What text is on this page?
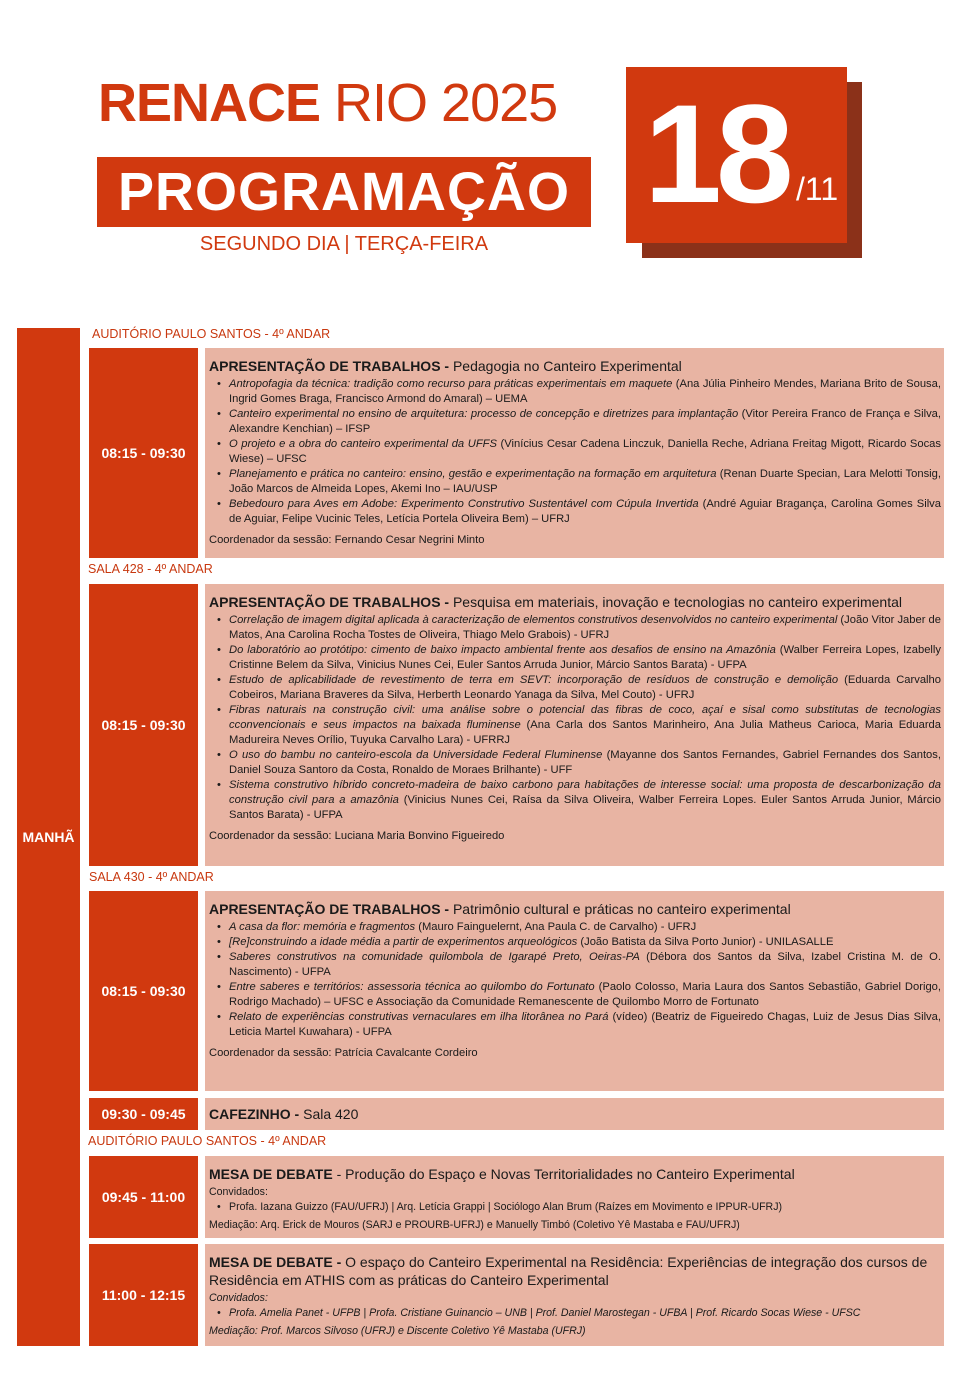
RENACE RIO 2025
PROGRAMAÇÃO
SEGUNDO DIA | TERÇA-FEIRA
18 /11
MANHÃ
AUDITÓRIO PAULO SANTOS - 4º ANDAR
SALA 428 - 4º ANDAR
SALA 430 - 4º ANDAR
AUDITÓRIO PAULO SANTOS - 4º ANDAR
08:15 - 09:30
APRESENTAÇÃO DE TRABALHOS - Pedagogia no Canteiro Experimental
• Antropofagia da técnica: tradição como recurso para práticas experimentais em maquete (Ana Júlia Pinheiro Mendes, Mariana Brito de Sousa, Ingrid Gomes Braga, Francisco Armond do Amaral) – UEMA
• Canteiro experimental no ensino de arquitetura: processo de concepção e diretrizes para implantação (Vitor Pereira Franco de França e Silva, Alexandre Kenchian) – IFSP
• O projeto e a obra do canteiro experimental da UFFS (Vinícius Cesar Cadena Linczuk, Daniella Reche, Adriana Freitag Migott, Ricardo Socas Wiese) – UFSC
• Planejamento e prática no canteiro: ensino, gestão e experimentação na formação em arquitetura (Renan Duarte Specian, Lara Melotti Tonsig, João Marcos de Almeida Lopes, Akemi Ino – IAU/USP
• Bebedouro para Aves em Adobe: Experimento Construtivo Sustentável com Cúpula Invertida (André Aguiar Bragança, Carolina Gomes Silva de Aguiar, Felipe Vucinic Teles, Letícia Portela Oliveira Bem) – UFRJ
Coordenador da sessão: Fernando Cesar Negrini Minto
08:15 - 09:30
APRESENTAÇÃO DE TRABALHOS - Pesquisa em materiais, inovação e tecnologias no canteiro experimental
• Correlação de imagem digital aplicada à caracterização de elementos construtivos desenvolvidos no canteiro experimental (João Vitor Jaber de Matos, Ana Carolina Rocha Tostes de Oliveira, Thiago Melo Grabois) - UFRJ
• Do laboratório ao protótipo: cimento de baixo impacto ambiental frente aos desafios de ensino na Amazônia (Walber Ferreira Lopes, Izabelly Cristinne Belem da Silva, Vinicius Nunes Cei, Euler Santos Arruda Junior, Márcio Santos Barata) - UFPA
• Estudo de aplicabilidade de revestimento de terra em SEVT: incorporação de resíduos de construção e demolição (Eduarda Carvalho Cobeiros, Mariana Braveres da Silva, Herberth Leonardo Yanaga da Silva, Mel Couto) - UFRJ
• Fibras naturais na construção civil: uma análise sobre o potencial das fibras de coco, açaí e sisal como substitutas de tecnologias cconvencionais e seus impactos na baixada fluminense (Ana Carla dos Santos Marinheiro, Ana Julia Matheus Carioca, Maria Eduarda Madureira Neves Orílio, Tuyuka Carvalho Lara) - UFRRJ
• O uso do bambu no canteiro-escola da Universidade Federal Fluminense (Mayanne dos Santos Fernandes, Gabriel Fernandes dos Santos, Daniel Souza Santoro da Costa, Ronaldo de Moraes Brilhante) - UFF
• Sistema construtivo híbrido concreto-madeira de baixo carbono para habitações de interesse social: uma proposta de descarbonização da construção civil para a amazônia (Vinicius Nunes Cei, Raísa da Silva Oliveira, Walber Ferreira Lopes. Euler Santos Arruda Junior, Márcio Santos Barata) - UFPA
Coordenador da sessão: Luciana Maria Bonvino Figueiredo
08:15 - 09:30
APRESENTAÇÃO DE TRABALHOS - Patrimônio cultural e práticas no canteiro experimental
• A casa da flor: memória e fragmentos (Mauro Fainguelernt, Ana Paula C. de Carvalho) - UFRJ
• [Re]construindo a idade média a partir de experimentos arqueológicos (João Batista da Silva Porto Junior) - UNILASALLE
• Saberes construtivos na comunidade quilombola de Igarapé Preto, Oeiras-PA (Débora dos Santos da Silva, Izabel Cristina M. de O. Nascimento) - UFPA
• Entre saberes e territórios: assessoria técnica ao quilombo do Fortunato (Paolo Colosso, Maria Laura dos Santos Sebastião, Gabriel Dorigo, Rodrigo Machado) – UFSC e Associação da Comunidade Remanescente de Quilombo Morro de Fortunato
• Relato de experiências construtivas vernaculares em ilha litorânea no Pará (vídeo) (Beatriz de Figueiredo Chagas, Luiz de Jesus Dias Silva, Leticia Martel Kuwahara) - UFPA
Coordenador da sessão: Patrícia Cavalcante Cordeiro
09:30 - 09:45	CAFEZINHO - Sala 420
09:45 - 11:00
MESA DE DEBATE - Produção do Espaço e Novas Territorialidades no Canteiro Experimental
Convidados:
• Profa. Iazana Guizzo (FAU/UFRJ) | Arq. Letícia Grappi | Sociólogo Alan Brum (Raízes em Movimento e IPPUR-UFRJ)
Mediação: Arq. Erick de Mouros (SARJ e PROURB-UFRJ) e Manuelly Timbó (Coletivo Yê Mastaba e FAU/UFRJ)
11:00 - 12:15
MESA DE DEBATE - O espaço do Canteiro Experimental na Residência: Experiências de integração dos cursos de Residência em ATHIS com as práticas do Canteiro Experimental
Convidados:
• Profa. Amelia Panet - UFPB | Profa. Cristiane Guinancio – UNB | Prof. Daniel Marostegan - UFBA | Prof. Ricardo Socas Wiese - UFSC
Mediação: Prof. Marcos Silvoso (UFRJ) e Discente Coletivo Yê Mastaba (UFRJ)
